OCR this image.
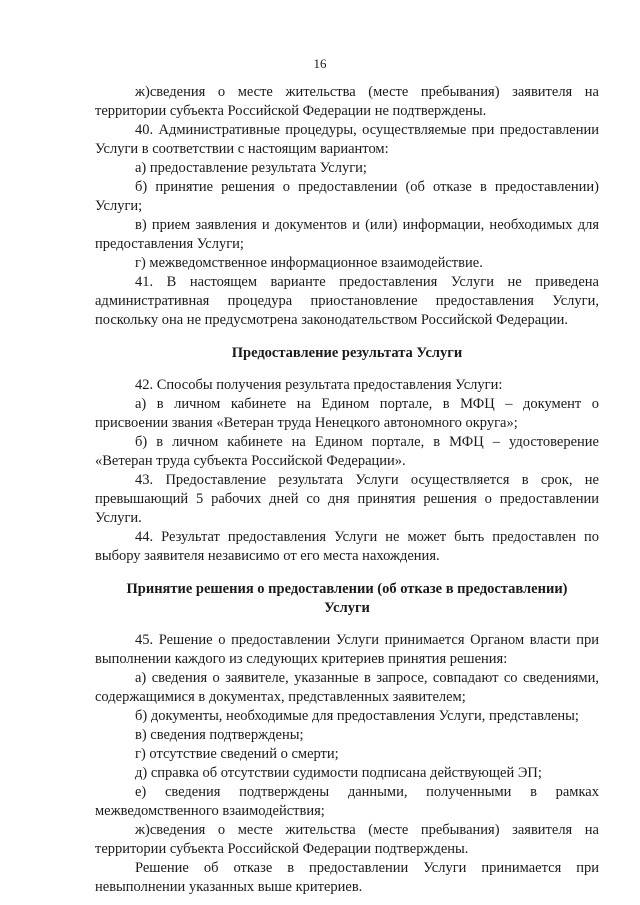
16

ж)сведения о месте жительства (месте пребывания) заявителя на территории субъекта Российской Федерации не подтверждены.

40. Административные процедуры, осуществляемые при предоставлении Услуги в соответствии с настоящим вариантом:

а) предоставление результата Услуги;

б) принятие решения о предоставлении (об отказе в предоставлении) Услуги;

в) прием заявления и документов и (или) информации, необходимых для предоставления Услуги;

г) межведомственное информационное взаимодействие.

41. В настоящем варианте предоставления Услуги не приведена административная процедура приостановление предоставления Услуги, поскольку она не предусмотрена законодательством Российской Федерации.

Предоставление результата Услуги

42. Способы получения результата предоставления Услуги:

а) в личном кабинете на Едином портале, в МФЦ – документ о присвоении звания «Ветеран труда Ненецкого автономного округа»;

б) в личном кабинете на Едином портале, в МФЦ – удостоверение «Ветеран труда субъекта Российской Федерации».

43. Предоставление результата Услуги осуществляется в срок, не превышающий 5 рабочих дней со дня принятия решения о предоставлении Услуги.

44. Результат предоставления Услуги не может быть предоставлен по выбору заявителя независимо от его места нахождения.

Принятие решения о предоставлении (об отказе в предоставлении) Услуги

45. Решение о предоставлении Услуги принимается Органом власти при выполнении каждого из следующих критериев принятия решения:

а) сведения о заявителе, указанные в запросе, совпадают со сведениями, содержащимися в документах, представленных заявителем;

б) документы, необходимые для предоставления Услуги, представлены;

в) сведения подтверждены;

г) отсутствие сведений о смерти;

д) справка об отсутствии судимости подписана действующей ЭП;

е) сведения подтверждены данными, полученными в рамках межведомственного взаимодействия;

ж)сведения о месте жительства (месте пребывания) заявителя на территории субъекта Российской Федерации подтверждены.

Решение об отказе в предоставлении Услуги принимается при невыполнении указанных выше критериев.
